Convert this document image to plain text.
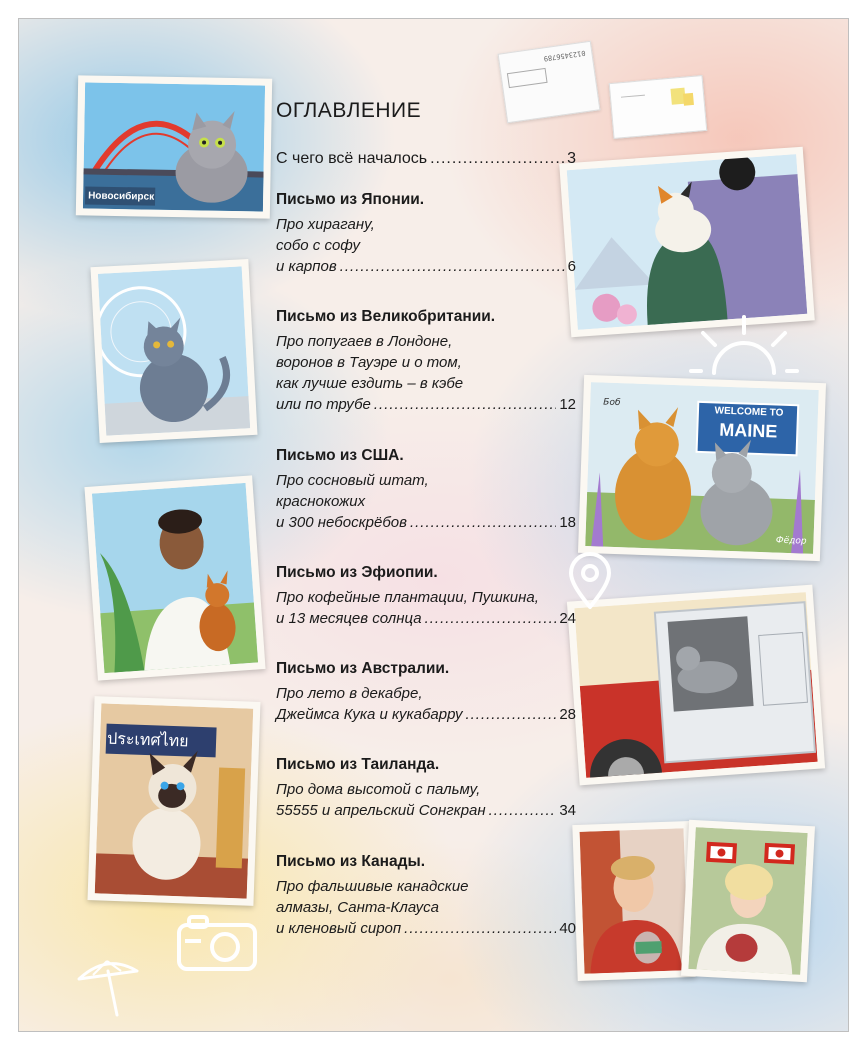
0123456789
Новосибирск
ประเทศไทย
WELCOME TO
MAINE
Боб
Фёдор
ОГЛАВЛЕНИЕ
С чего всё началось .....	3
Письмо из Японии.
Про хирагану,
собо с софу
и карпов .....	6
Письмо из Великобритании.
Про попугаев в Лондоне,
воронов в Тауэре и о том,
как лучше ездить – в кэбе
или по трубе .....	12
Письмо из США.
Про сосновый штат,
краснокожих
и 300 небоскрёбов .....	18
Письмо из Эфиопии.
Про кофейные плантации, Пушкина,
и 13 месяцев солнца .....	24
Письмо из Австралии.
Про лето в декабре,
Джеймса Кука и кукабарру .....	28
Письмо из Таиланда.
Про дома высотой с пальму,
55555 и апрельский Сонгкран .....	34
Письмо из Канады.
Про фальшивые канадские
алмазы, Санта-Клауса
и кленовый сироп .....	40
